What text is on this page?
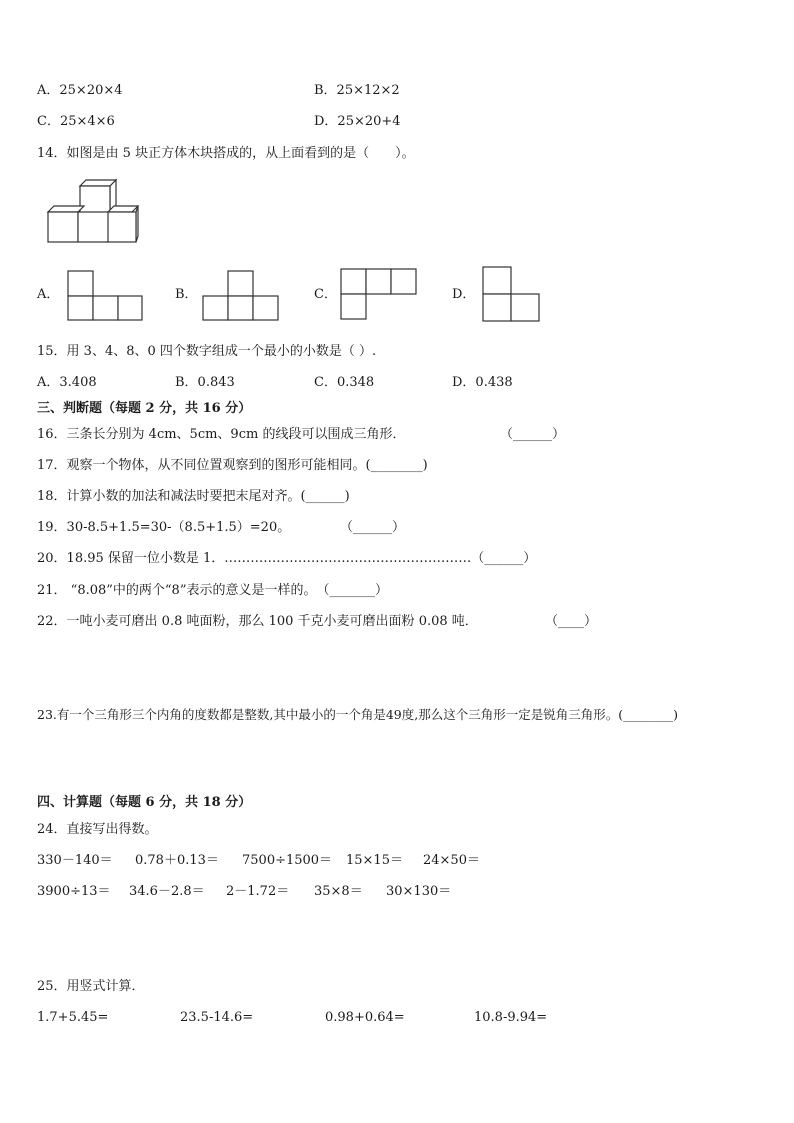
A．25×20×4	B．25×12×2
C．25×4×6	D．25×20+4
14．如图是由 5 块正方体木块搭成的，从上面看到的是（　　）。
A．	B．	C．	D．
15．用 3、4、8、0 四个数字组成一个最小的小数是（ ）.
A．3.408	B．0.843	C．0.348	D．0.438
三、判断题（每题 2 分，共 16 分）
16．三条长分别为 4cm、5cm、9cm 的线段可以围成三角形．	（______）
17．观察一个物体，从不同位置观察到的图形可能相同。(________)
18．计算小数的加法和减法时要把末尾对齐。(______)
19．30-8.5+1.5=30-（8.5+1.5）=20。	（______）
20．18.95 保留一位小数是 1．…………………………………………………（______）
21． “8.08”中的两个“8”表示的意义是一样的。　（_______）
22．一吨小麦可磨出 0.8 吨面粉，那么 100 千克小麦可磨出面粉 0.08 吨．	（____）
23.有一个三角形三个内角的度数都是整数,其中最小的一个角是49度,那么这个三角形一定是锐角三角形。(________)
四、计算题（每题 6 分，共 18 分）
24．直接写出得数。
330－140＝ 0.78＋0.13＝ 7500÷1500＝ 15×15＝ 24×50＝
3900÷13＝ 34.6－2.8＝ 2－1.72＝ 35×8＝ 30×130＝
25．用竖式计算．
1.7+5.45=	23.5-14.6=	0.98+0.64=	10.8-9.94=
